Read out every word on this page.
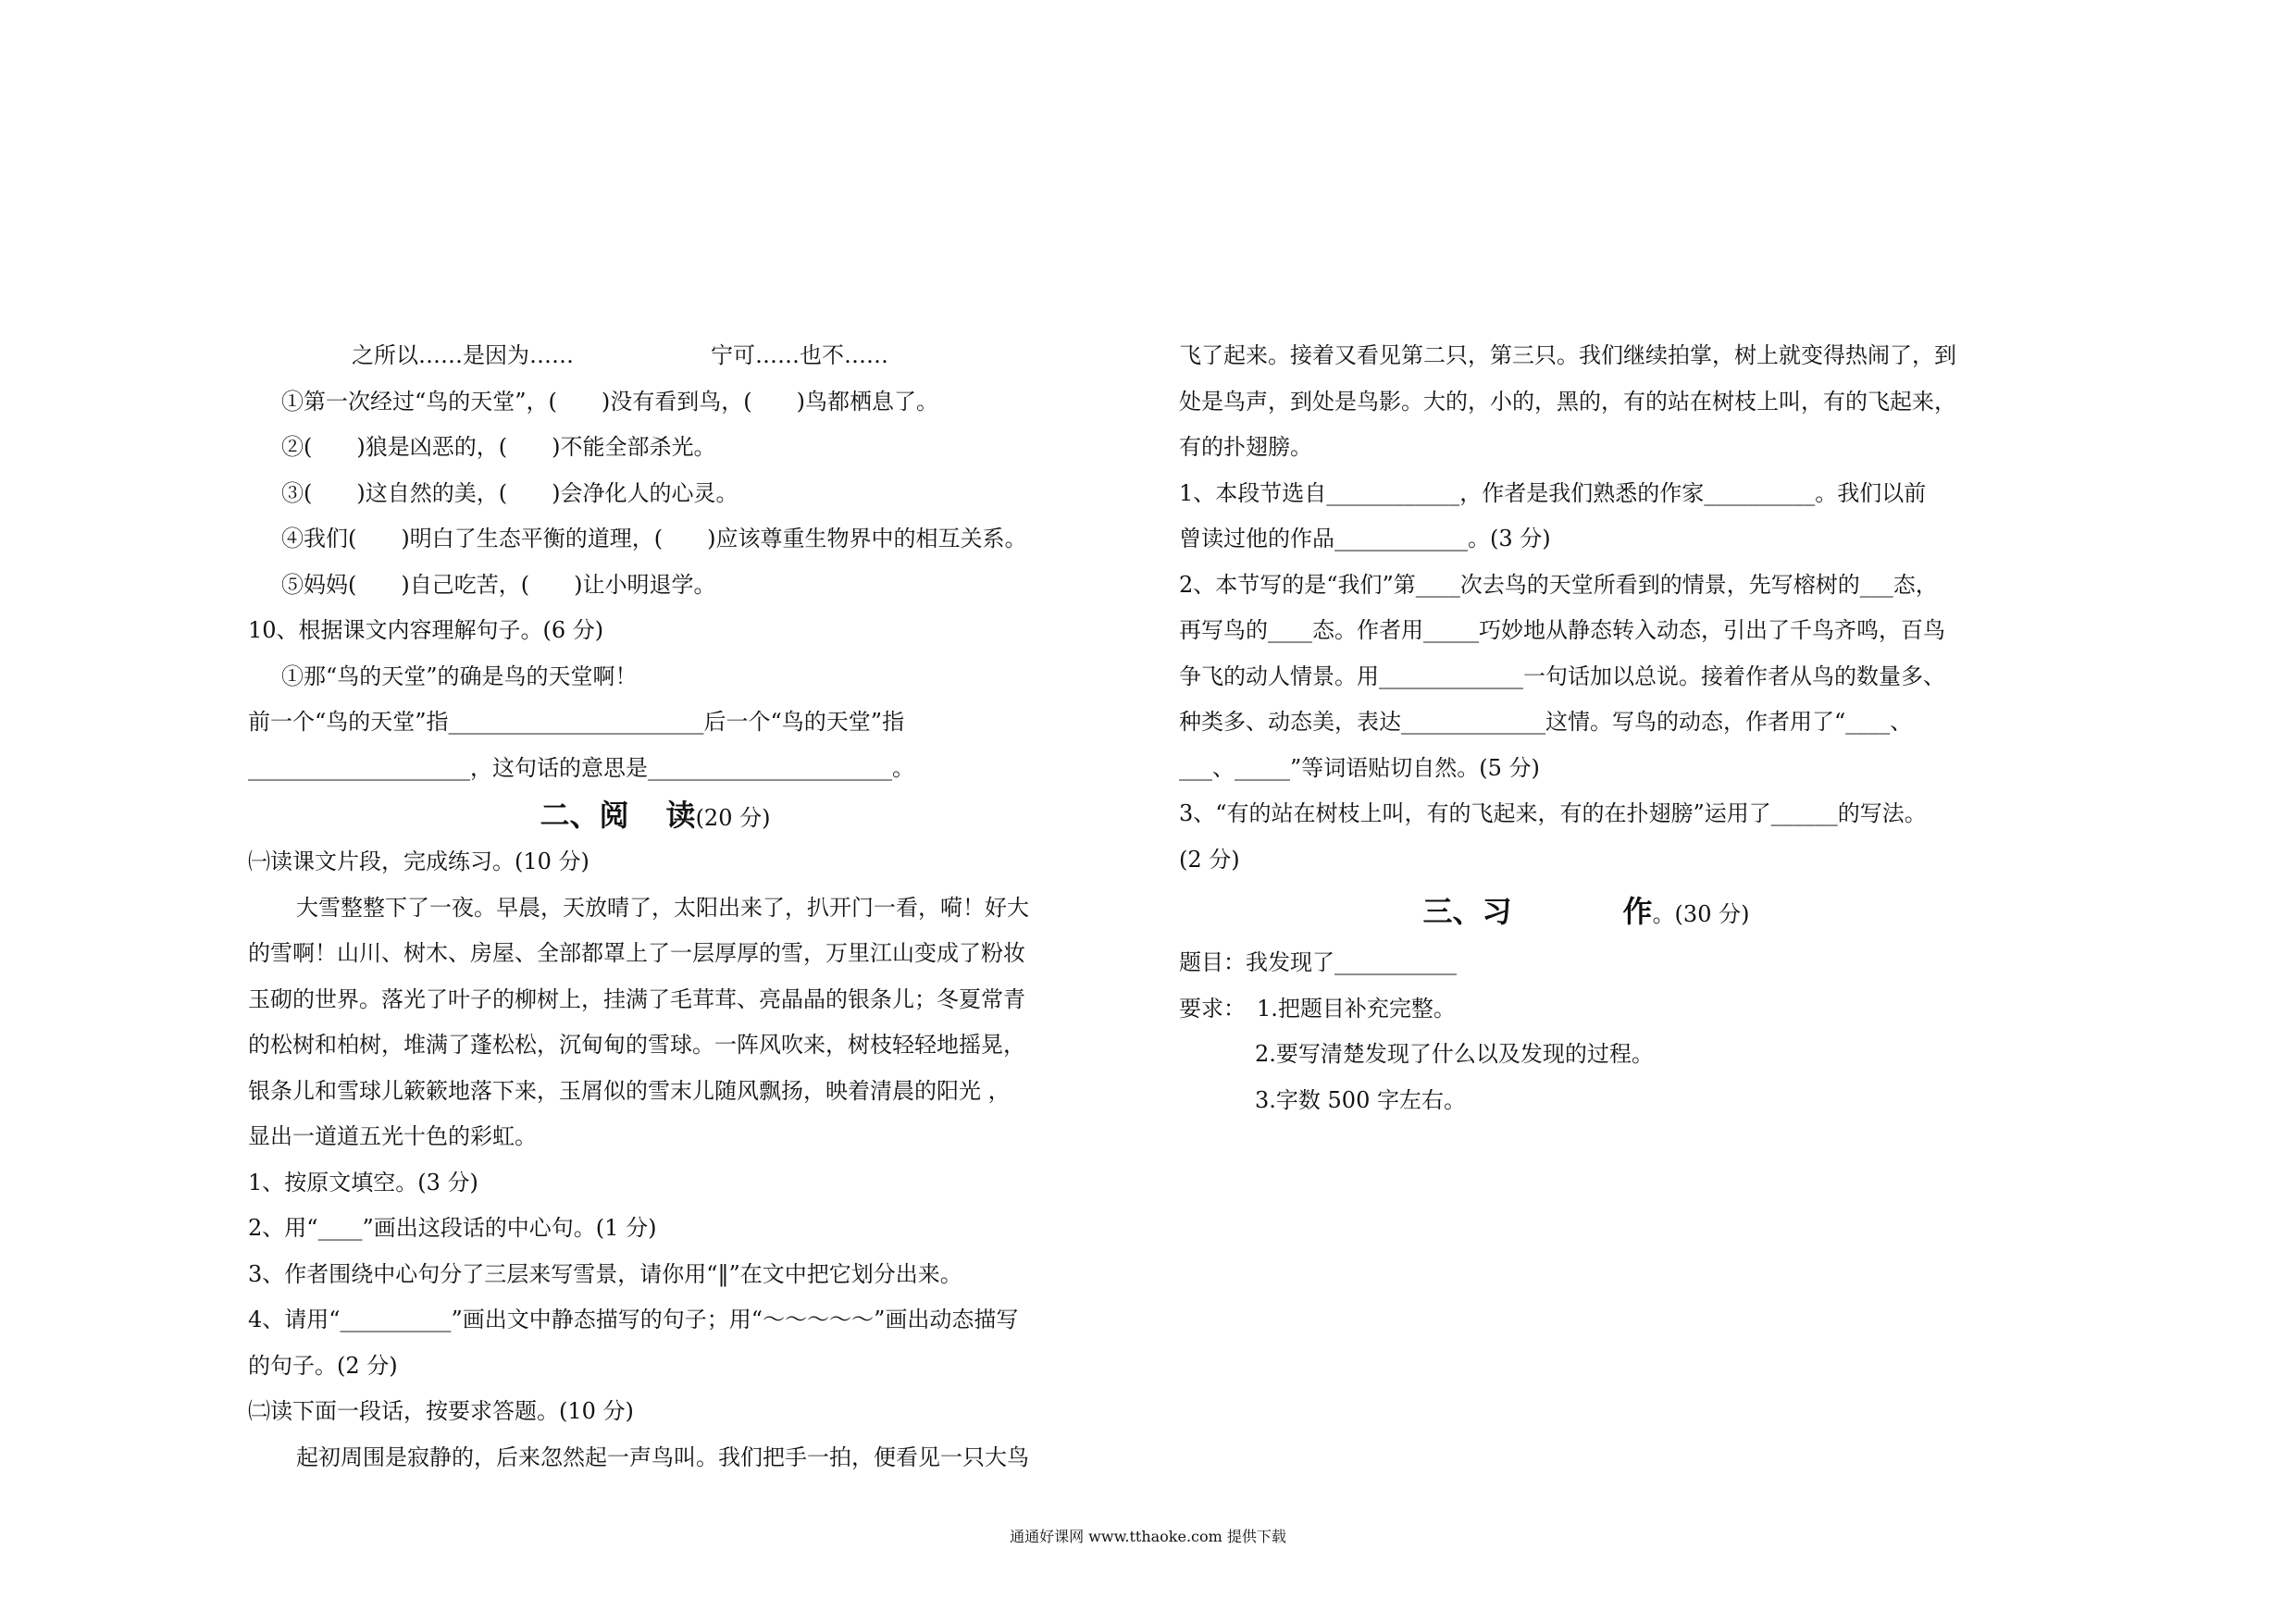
之所以……是因为……	宁可……也不……
①第一次经过“鸟的天堂”，(　　)没有看到鸟，(　　)鸟都栖息了。
②(　　)狼是凶恶的，(　　)不能全部杀光。
③(　　)这自然的美，(　　)会净化人的心灵。
④我们(　　)明白了生态平衡的道理，(　　)应该尊重生物界中的相互关系。
⑤妈妈(　　)自己吃苦，(　　)让小明退学。
10、根据课文内容理解句子。(6 分)
①那“鸟的天堂”的确是鸟的天堂啊！
前一个“鸟的天堂”指_______________________后一个“鸟的天堂”指
____________________，这句话的意思是______________________。
二、阅 读(20 分)
㈠读课文片段，完成练习。(10 分)
大雪整整下了一夜。早晨，天放晴了，太阳出来了，扒开门一看，嗬！好大
的雪啊！山川、树木、房屋、全部都罩上了一层厚厚的雪，万里江山变成了粉妆
玉砌的世界。落光了叶子的柳树上，挂满了毛茸茸、亮晶晶的银条儿；冬夏常青
的松树和柏树，堆满了蓬松松，沉甸甸的雪球。一阵风吹来，树枝轻轻地摇晃，
银条儿和雪球儿簌簌地落下来，玉屑似的雪末儿随风飘扬，映着清晨的阳光 ，
显出一道道五光十色的彩虹。
1、按原文填空。(3 分)
2、用“____”画出这段话的中心句。(1 分)
3、作者围绕中心句分了三层来写雪景，请你用“‖”在文中把它划分出来。
4、请用“__________”画出文中静态描写的句子；用“～～～～～”画出动态描写
的句子。(2 分)
㈡读下面一段话，按要求答题。(10 分)
起初周围是寂静的，后来忽然起一声鸟叫。我们把手一拍，便看见一只大鸟
飞了起来。接着又看见第二只，第三只。我们继续拍掌，树上就变得热闹了，到
处是鸟声，到处是鸟影。大的，小的，黑的，有的站在树枝上叫，有的飞起来，
有的扑翅膀。
1、本段节选自____________，作者是我们熟悉的作家__________。我们以前
曾读过他的作品____________。(3 分)
2、本节写的是“我们”第____次去鸟的天堂所看到的情景，先写榕树的___态，
再写鸟的____态。作者用_____巧妙地从静态转入动态，引出了千鸟齐鸣，百鸟
争飞的动人情景。用_____________一句话加以总说。接着作者从鸟的数量多、
种类多、动态美，表达_____________这情。写鸟的动态，作者用了“____、
___、_____”等词语贴切自然。(5 分)
3、“有的站在树枝上叫，有的飞起来，有的在扑翅膀”运用了______的写法。
(2 分)
三、习	作。(30 分)
题目：我发现了___________
要求： 1.把题目补充完整。
2.要写清楚发现了什么以及发现的过程。
3.字数 500 字左右。
通通好课网 www.tthaoke.com 提供下载
